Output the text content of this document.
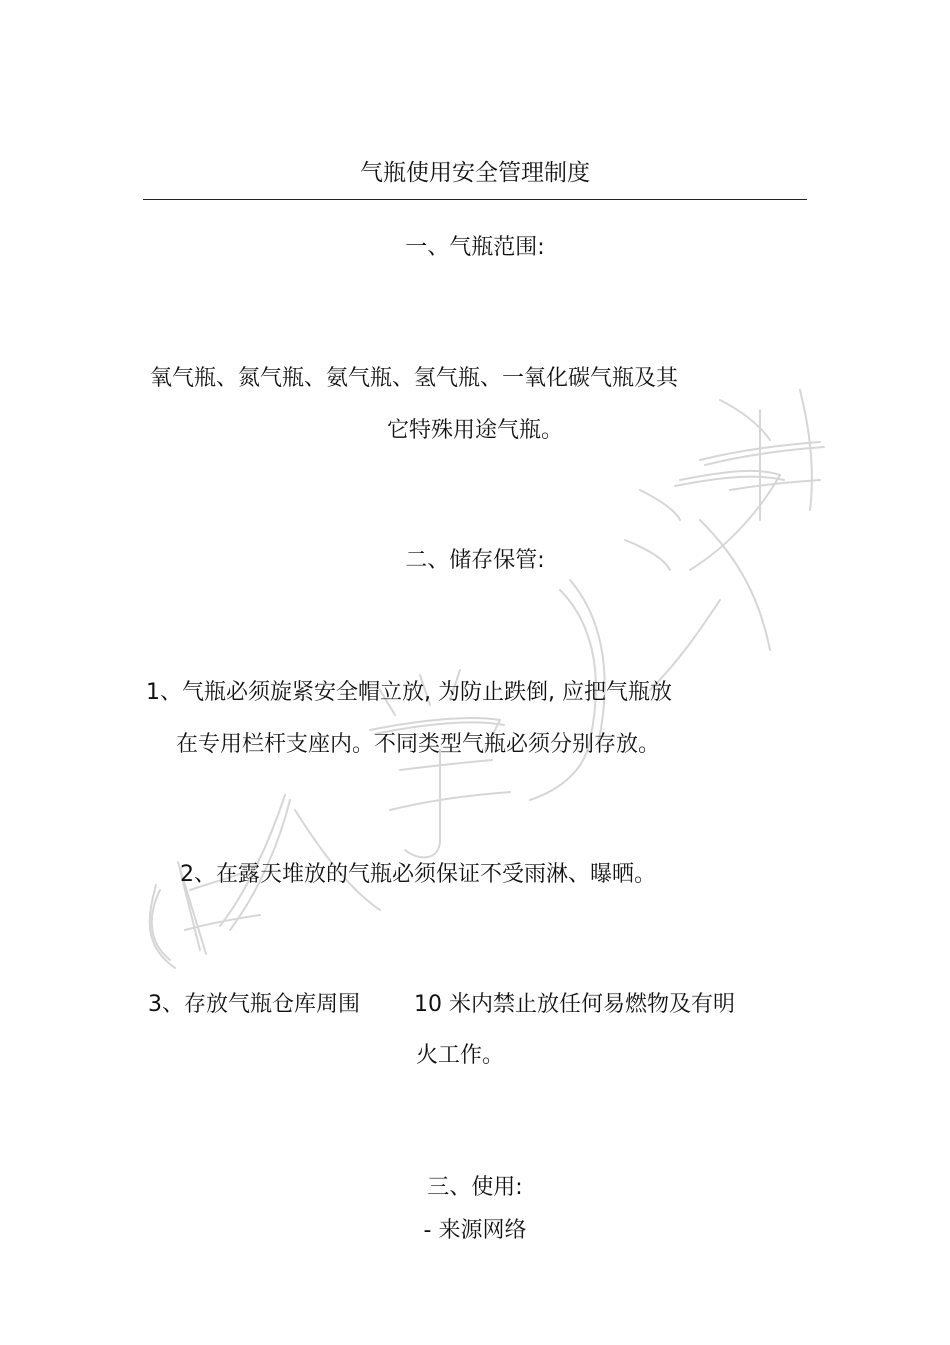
气瓶使用安全管理制度
一、气瓶范围:
氧气瓶、氮气瓶、氨气瓶、氢气瓶、一氧化碳气瓶及其
它特殊用途气瓶。
二、储存保管:
1、气瓶必须旋紧安全帽立放, 为防止跌倒, 应把气瓶放
在专用栏杆支座内。不同类型气瓶必须分别存放。
2、在露天堆放的气瓶必须保证不受雨淋、曝晒。
3、存放气瓶仓库周围 10 米内禁止放任何易燃物及有明
火工作。
三、使用:
- 来源网络
